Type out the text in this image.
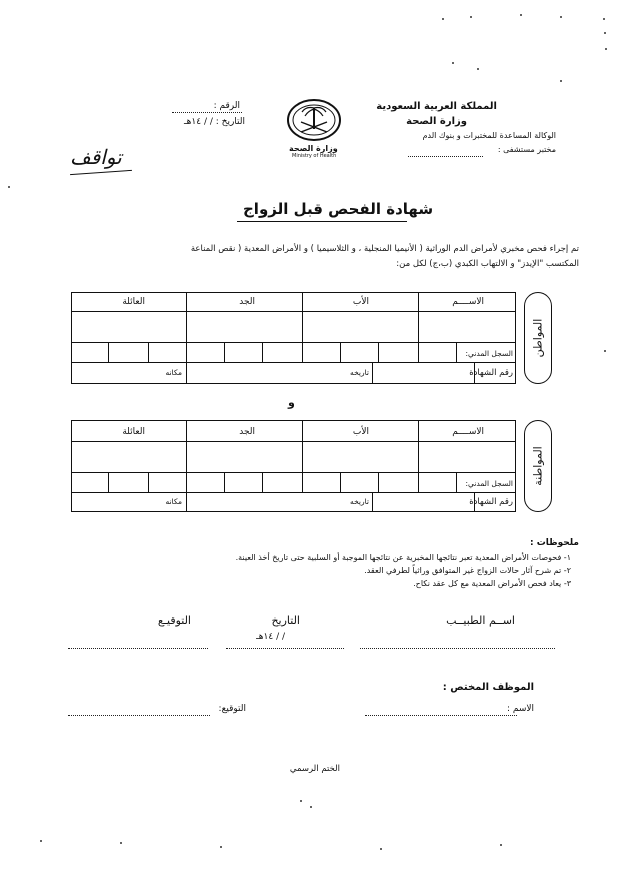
المملكة العربية السعودية
وزارة الصحة
الوكالة المساعدة للمختبرات و بنوك الدم
مختبر مستشفى :
وزارة الصحة
Ministry of Health
الرقم :
التاريخ : / / ١٤هـ
تواقف
شهادة الفحص قبل الزواج
تم إجراء فحص مخبري لأمراض الدم الوراثية ( الأنيميا المنجلية ، و الثلاسيميا ) و الأمراض المعدية ( نقص المناعة
المكتسب "الإيدز" و الالتهاب الكبدي (ب،ج) لكل من:
المواطن
الاســــم
الأب
الجد
العائلة
السجل المدني:
رقم الشهادة
تاريخه
مكانه
و
المواطنة
الاســــم
الأب
الجد
العائلة
السجل المدني:
رقم الشهادة
تاريخه
مكانه
ملحوظات :
١- فحوصات الأمراض المعدية تعبر نتائجها المخبرية عن نتائجها الموجبة أو السلبية حتى تاريخ أخذ العينة.
٢- تم شرح آثار حالات الزواج غير المتوافق وراثياً لطرفي العقد.
٣- يعاد فحص الأمراض المعدية مع كل عقد نكاح.
اســم الطبيــب
التاريخ
التوقيـع
/ / ١٤هـ
الموظف المختص :
الاسم :
التوقيع:
الختم الرسمي
